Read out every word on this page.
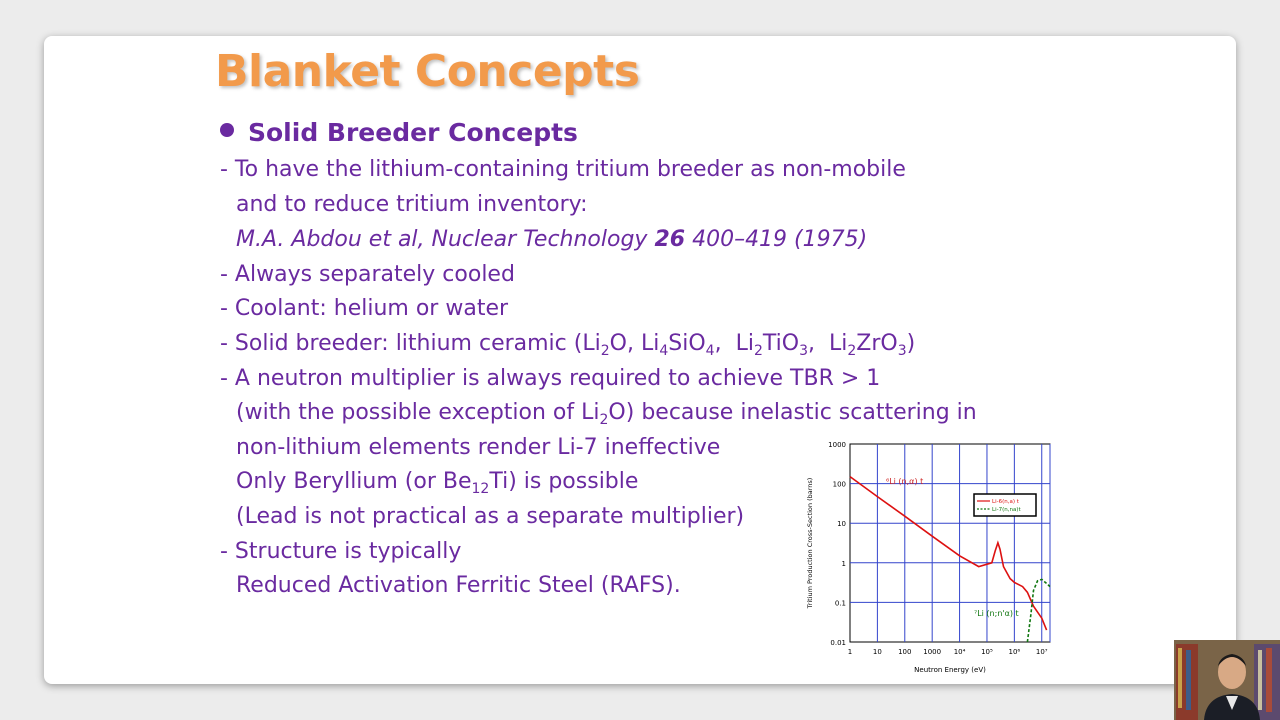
Blanket Concepts
Solid Breeder Concepts
- To have the lithium-containing tritium breeder as non-mobile
and to reduce tritium inventory:
M.A. Abdou et al, Nuclear Technology 26 400–419 (1975)
- Always separately cooled
- Coolant: helium or water
- Solid breeder: lithium ceramic ($Li_2O$, $Li_4SiO_4$,  $Li_2TiO_3$,  $Li_2ZrO_3$)
- A neutron multiplier is always required to achieve TBR > 1
(with the possible exception of $Li_2O$) because inelastic scattering in
non-lithium elements render Li-7 ineffective
Only Beryllium (or $Be_{12}Ti$) is possible
(Lead is not practical as a separate multiplier)
- Structure is typically
Reduced Activation Ferritic Steel (RAFS).
1	10 100 1000 10⁴ 10⁵ 10⁶ 10⁷
1000
100
10
1
0.1
0.01
Neutron Energy (eV)
Tritium Production Cross-Section (barns)	Li-6(n,a) t
Li-7(n,na)t
⁶Li (n,α) t
⁷Li (n;n'α) t
